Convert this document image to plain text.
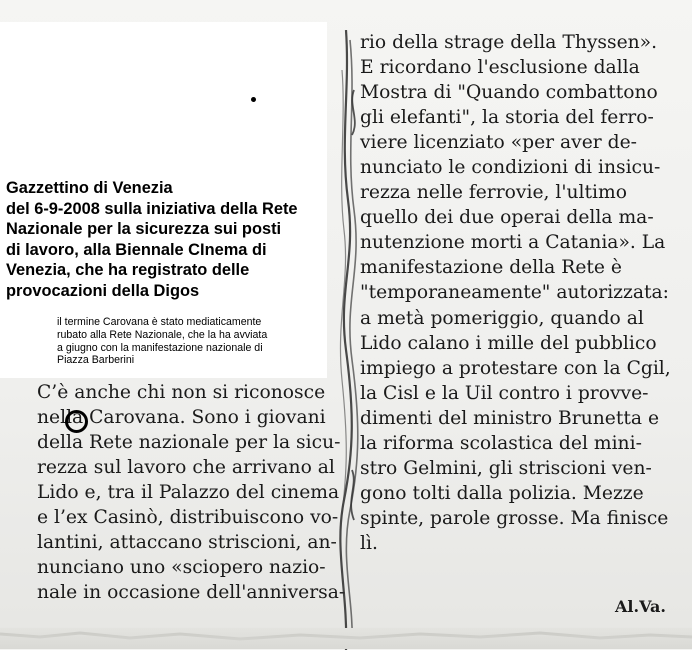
Gazzettino di Venezia
del 6-9-2008 sulla iniziativa della Rete
Nazionale per la sicurezza sui posti
di lavoro, alla Biennale CInema di
Venezia, che ha registrato delle
provocazioni della Digos
il termine Carovana è stato mediaticamente
rubato alla Rete Nazionale, che la ha avviata
a giugno con la manifestazione nazionale di
Piazza Barberini
C’è anche chi non si riconosce
nella Carovana. Sono i giovani
della Rete nazionale per la sicu-
rezza sul lavoro che arrivano al
Lido e, tra il Palazzo del cinema
e l’ex Casinò, distribuiscono vo-
lantini, attaccano striscioni, an-
nunciano uno «sciopero nazio-
nale in occasione dell'anniversa-
rio della strage della Thyssen».
E ricordano l'esclusione dalla
Mostra di "Quando combattono
gli elefanti", la storia del ferro-
viere licenziato «per aver de-
nunciato le condizioni di insicu-
rezza nelle ferrovie, l'ultimo
quello dei due operai della ma-
nutenzione morti a Catania». La
manifestazione della Rete è
"temporaneamente" autorizzata:
a metà pomeriggio, quando al
Lido calano i mille del pubblico
impiego a protestare con la Cgil,
la Cisl e la Uil contro i provve-
dimenti del ministro Brunetta e
la riforma scolastica del mini-
stro Gelmini, gli striscioni ven-
gono tolti dalla polizia. Mezze
spinte, parole grosse. Ma finisce
lì.
Al.Va.
